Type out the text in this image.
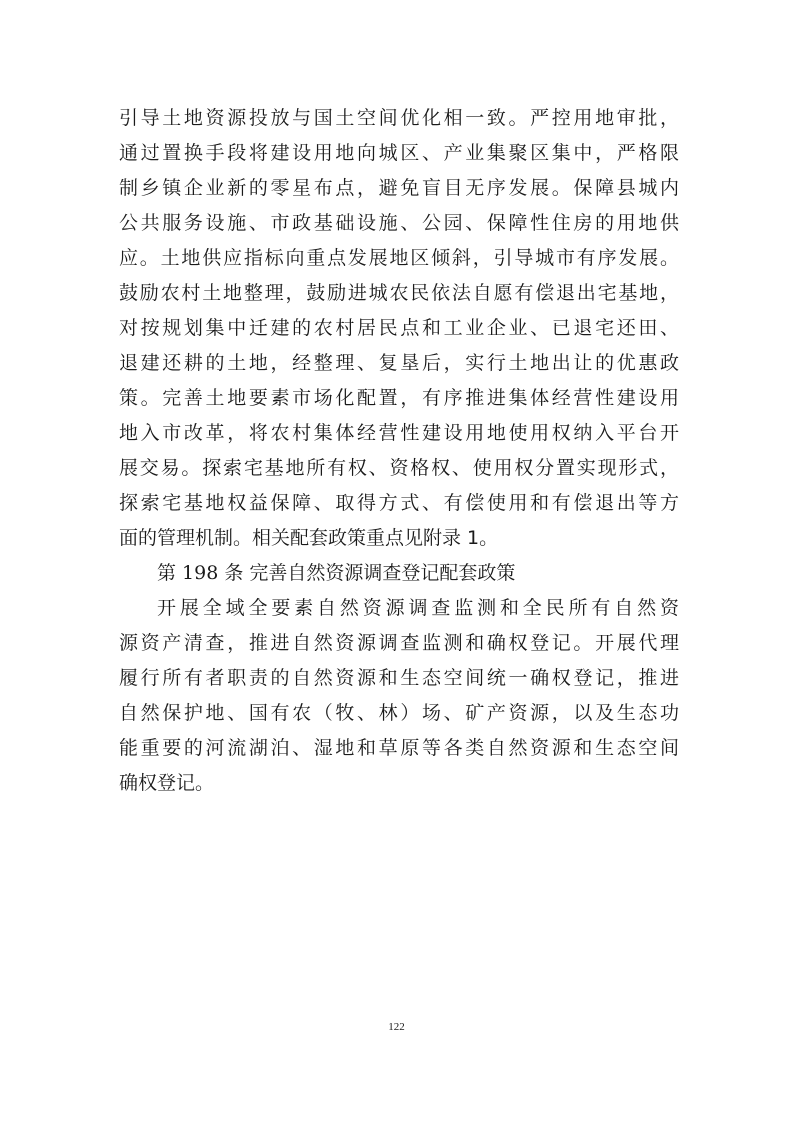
引导土地资源投放与国土空间优化相一致。严控用地审批，
通过置换手段将建设用地向城区、产业集聚区集中，严格限
制乡镇企业新的零星布点，避免盲目无序发展。保障县城内
公共服务设施、市政基础设施、公园、保障性住房的用地供
应。土地供应指标向重点发展地区倾斜，引导城市有序发展。
鼓励农村土地整理，鼓励进城农民依法自愿有偿退出宅基地，
对按规划集中迁建的农村居民点和工业企业、已退宅还田、
退建还耕的土地，经整理、复垦后，实行土地出让的优惠政
策。完善土地要素市场化配置，有序推进集体经营性建设用
地入市改革，将农村集体经营性建设用地使用权纳入平台开
展交易。探索宅基地所有权、资格权、使用权分置实现形式，
探索宅基地权益保障、取得方式、有偿使用和有偿退出等方
面的管理机制。相关配套政策重点见附录 1。
第 198 条 完善自然资源调查登记配套政策
开展全域全要素自然资源调查监测和全民所有自然资
源资产清查，推进自然资源调查监测和确权登记。开展代理
履行所有者职责的自然资源和生态空间统一确权登记，推进
自然保护地、国有农（牧、林）场、矿产资源，以及生态功
能重要的河流湖泊、湿地和草原等各类自然资源和生态空间
确权登记。
122
